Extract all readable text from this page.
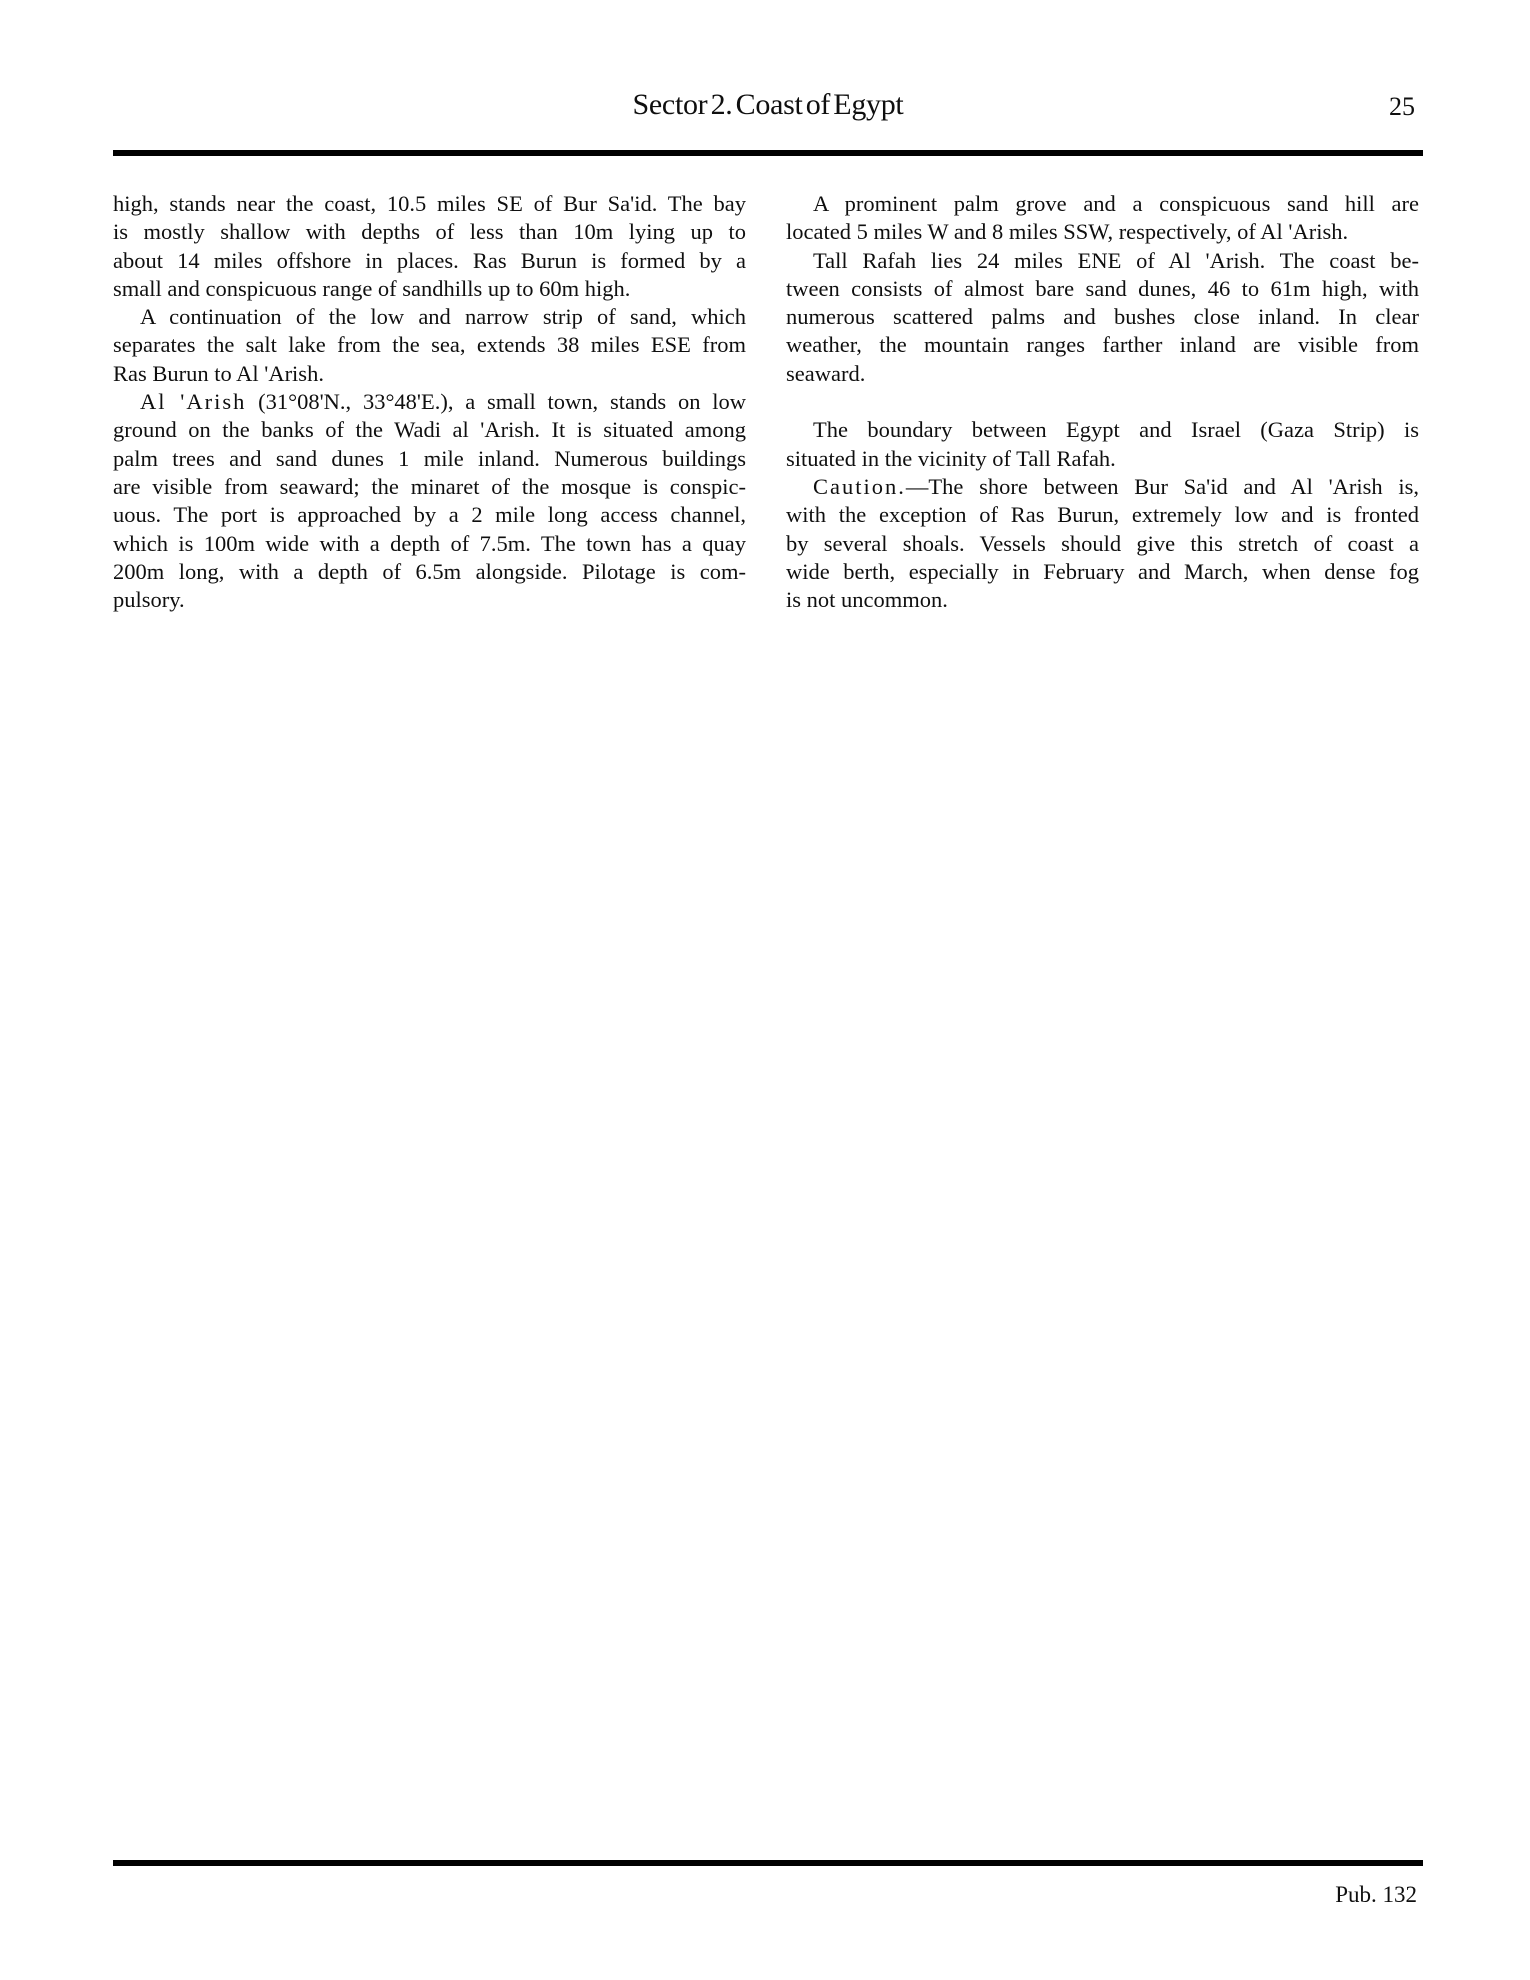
Sector 2. Coast of Egypt	25
high, stands near the coast, 10.5 miles SE of Bur Sa'id. The bay
is mostly shallow with depths of less than 10m lying up to
about 14 miles offshore in places. Ras Burun is formed by a
small and conspicuous range of sandhills up to 60m high.
A continuation of the low and narrow strip of sand, which
separates the salt lake from the sea, extends 38 miles ESE from
Ras Burun to Al 'Arish.
Al 'Arish (31°08'N., 33°48'E.), a small town, stands on low
ground on the banks of the Wadi al 'Arish. It is situated among
palm trees and sand dunes 1 mile inland. Numerous buildings
are visible from seaward; the minaret of the mosque is conspic-
uous. The port is approached by a 2 mile long access channel,
which is 100m wide with a depth of 7.5m. The town has a quay
200m long, with a depth of 6.5m alongside. Pilotage is com-
pulsory.
A prominent palm grove and a conspicuous sand hill are
located 5 miles W and 8 miles SSW, respectively, of Al 'Arish.
Tall Rafah lies 24 miles ENE of Al 'Arish. The coast be-
tween consists of almost bare sand dunes, 46 to 61m high, with
numerous scattered palms and bushes close inland. In clear
weather, the mountain ranges farther inland are visible from
seaward.
The boundary between Egypt and Israel (Gaza Strip) is
situated in the vicinity of Tall Rafah.
Caution.—The shore between Bur Sa'id and Al 'Arish is,
with the exception of Ras Burun, extremely low and is fronted
by several shoals. Vessels should give this stretch of coast a
wide berth, especially in February and March, when dense fog
is not uncommon.
Pub. 132
